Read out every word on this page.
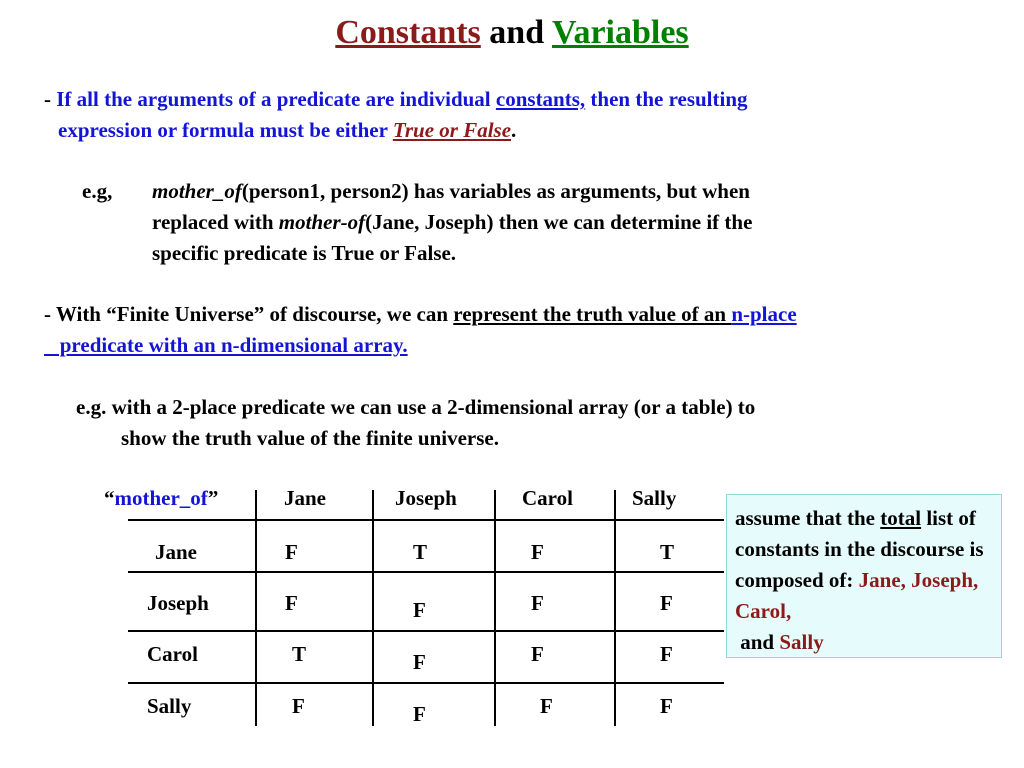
Constants and Variables
- If all the arguments of a predicate are individual constants, then the resulting
expression or formula must be either True or False.
e.g, mother_of(person1, person2) has variables as arguments, but when
replaced with mother-of(Jane, Joseph) then we can determine if the
specific predicate is True or False.
- With “Finite Universe” of discourse, we can represent the truth value of an n-place
predicate with an n-dimensional array.
e.g. with a 2-place predicate we can use a 2-dimensional array (or a table) to
show the truth value of the finite universe.
“mother_of”	Jane	Joseph	Carol	Sally
Jane	F	T	F	T
Joseph	F	F	F	F
Carol	T	F	F	F
Sally	F	F	F	F
assume that the total list of constants in the discourse is composed of: Jane, Joseph, Carol,
and Sally
